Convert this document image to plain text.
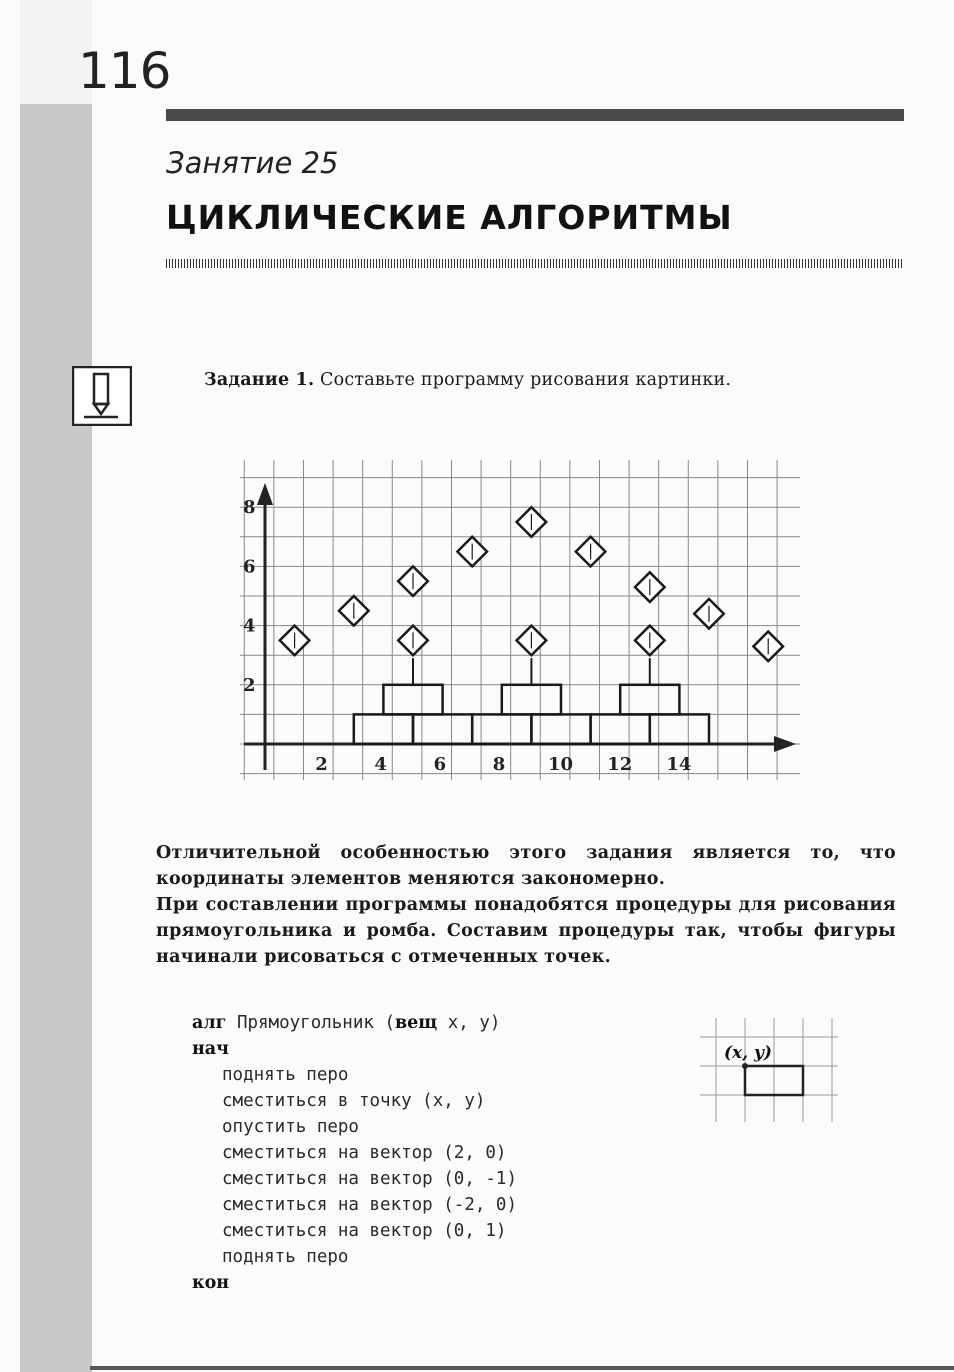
116
Занятие 25
ЦИКЛИЧЕСКИЕ АЛГОРИТМЫ
Задание 1. Составьте программу рисования картинки.
2	4	6	8 10 12 14
2
4
6
8
Отличительной особенностью этого задания является то, что координаты элементов меняются закономерно.
При составлении программы понадобятся процедуры для рисования прямоугольника и ромба. Составим процедуры так, чтобы фигуры начинали рисоваться с отмеченных точек.
алг Прямоугольник (вещ x, y)
нач
поднять перо
сместиться в точку (x, y)
опустить перо
сместиться на вектор (2, 0)
сместиться на вектор (0, -1)
сместиться на вектор (-2, 0)
сместиться на вектор (0, 1)
поднять перо
кон
(x, y)
